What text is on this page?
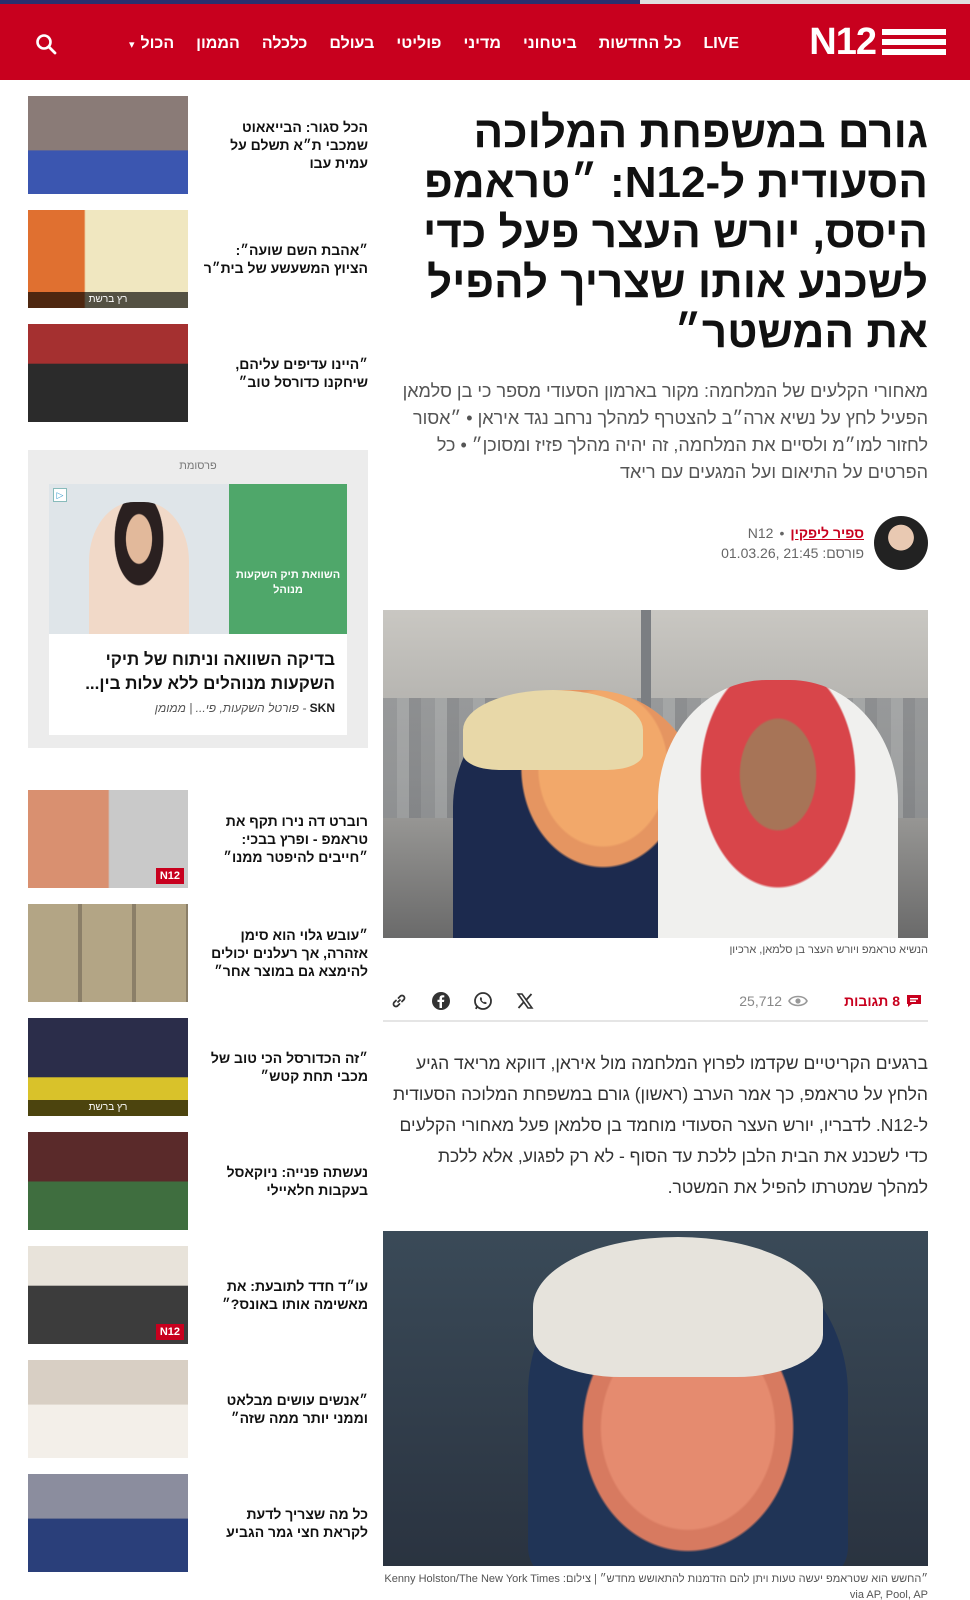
N12
LIVE
כל החדשות
ביטחוני
מדיני
פוליטי
בעולם
כלכלה
הממון
הכול
▾
גורם במשפחת המלוכה הסעודית ל-N12: ״טראמפ היסס, יורש העצר פעל כדי לשכנע אותו שצריך להפיל את המשטר״

מאחורי הקלעים של המלחמה: מקור בארמון הסעודי מספר כי בן סלמאן הפעיל לחץ על נשיא ארה״ב להצטרף למהלך נרחב נגד איראן • ״אסור לחזור למו״מ ולסיים את המלחמה, זה יהיה מהלך פזיז ומסוכן״ • כל הפרטים על התיאום ועל המגעים עם ריאד

ספיר ליפקין
•
N12
פורסם: 21:45 ,01.03.26
הנשיא טראמפ ויורש העצר בן סלמאן, ארכיון
8 תגובות
25,712

ברגעים הקריטיים שקדמו לפרוץ המלחמה מול איראן, דווקא מריאד הגיע הלחץ על טראמפ, כך אמר הערב (ראשון) גורם במשפחת המלוכה הסעודית ל-N12. לדבריו, יורש העצר הסעודי מוחמד בן סלמאן פעל מאחורי הקלעים כדי לשכנע את הבית הלבן ללכת עד הסוף - לא רק לפגוע, אלא ללכת למהלך שמטרתו להפיל את המשטר.

״החשש הוא שטראמפ יעשה טעות ויתן להם הזדמנות להתאושש מחדש״ | צילום: Kenny Holston/The New York Times via AP, Pool, AP
הכל סגור: הבייאאוט שמכבי ת״א תשלם על עמית עבו
״אהבת השם שועה״: הציוץ המשעשע של בית״ר
רץ ברשת
״היינו עדיפים עליהם, שיחקנו כדורסל טוב״
פרסומת
▷
השוואת תיק השקעות מנוהל
בדיקה השוואה וניתוח של תיקי השקעות מנוהלים ללא עלות בין...
SKN - פורטל השקעות, פי... | ממומן
רוברט דה נירו תקף את טראמפ - ופרץ בבכי: ״חייבים להיפטר ממנו״
N12
״עובש גלוי הוא סימן אזהרה, אך רעלנים יכולים להימצא גם במוצר אחר״
״זה הכדורסל הכי טוב של מכבי תחת קטש״
רץ ברשת
נעשתה פנייה: ניוקאסל בעקבות חלאיילי
עו״ד חדד לתובעת: את מאשימה אותו באונס?״
N12
״אנשים עושים מבלאט וממני יותר ממה שזה״
כל מה שצריך לדעת לקראת חצי גמר הגביע
